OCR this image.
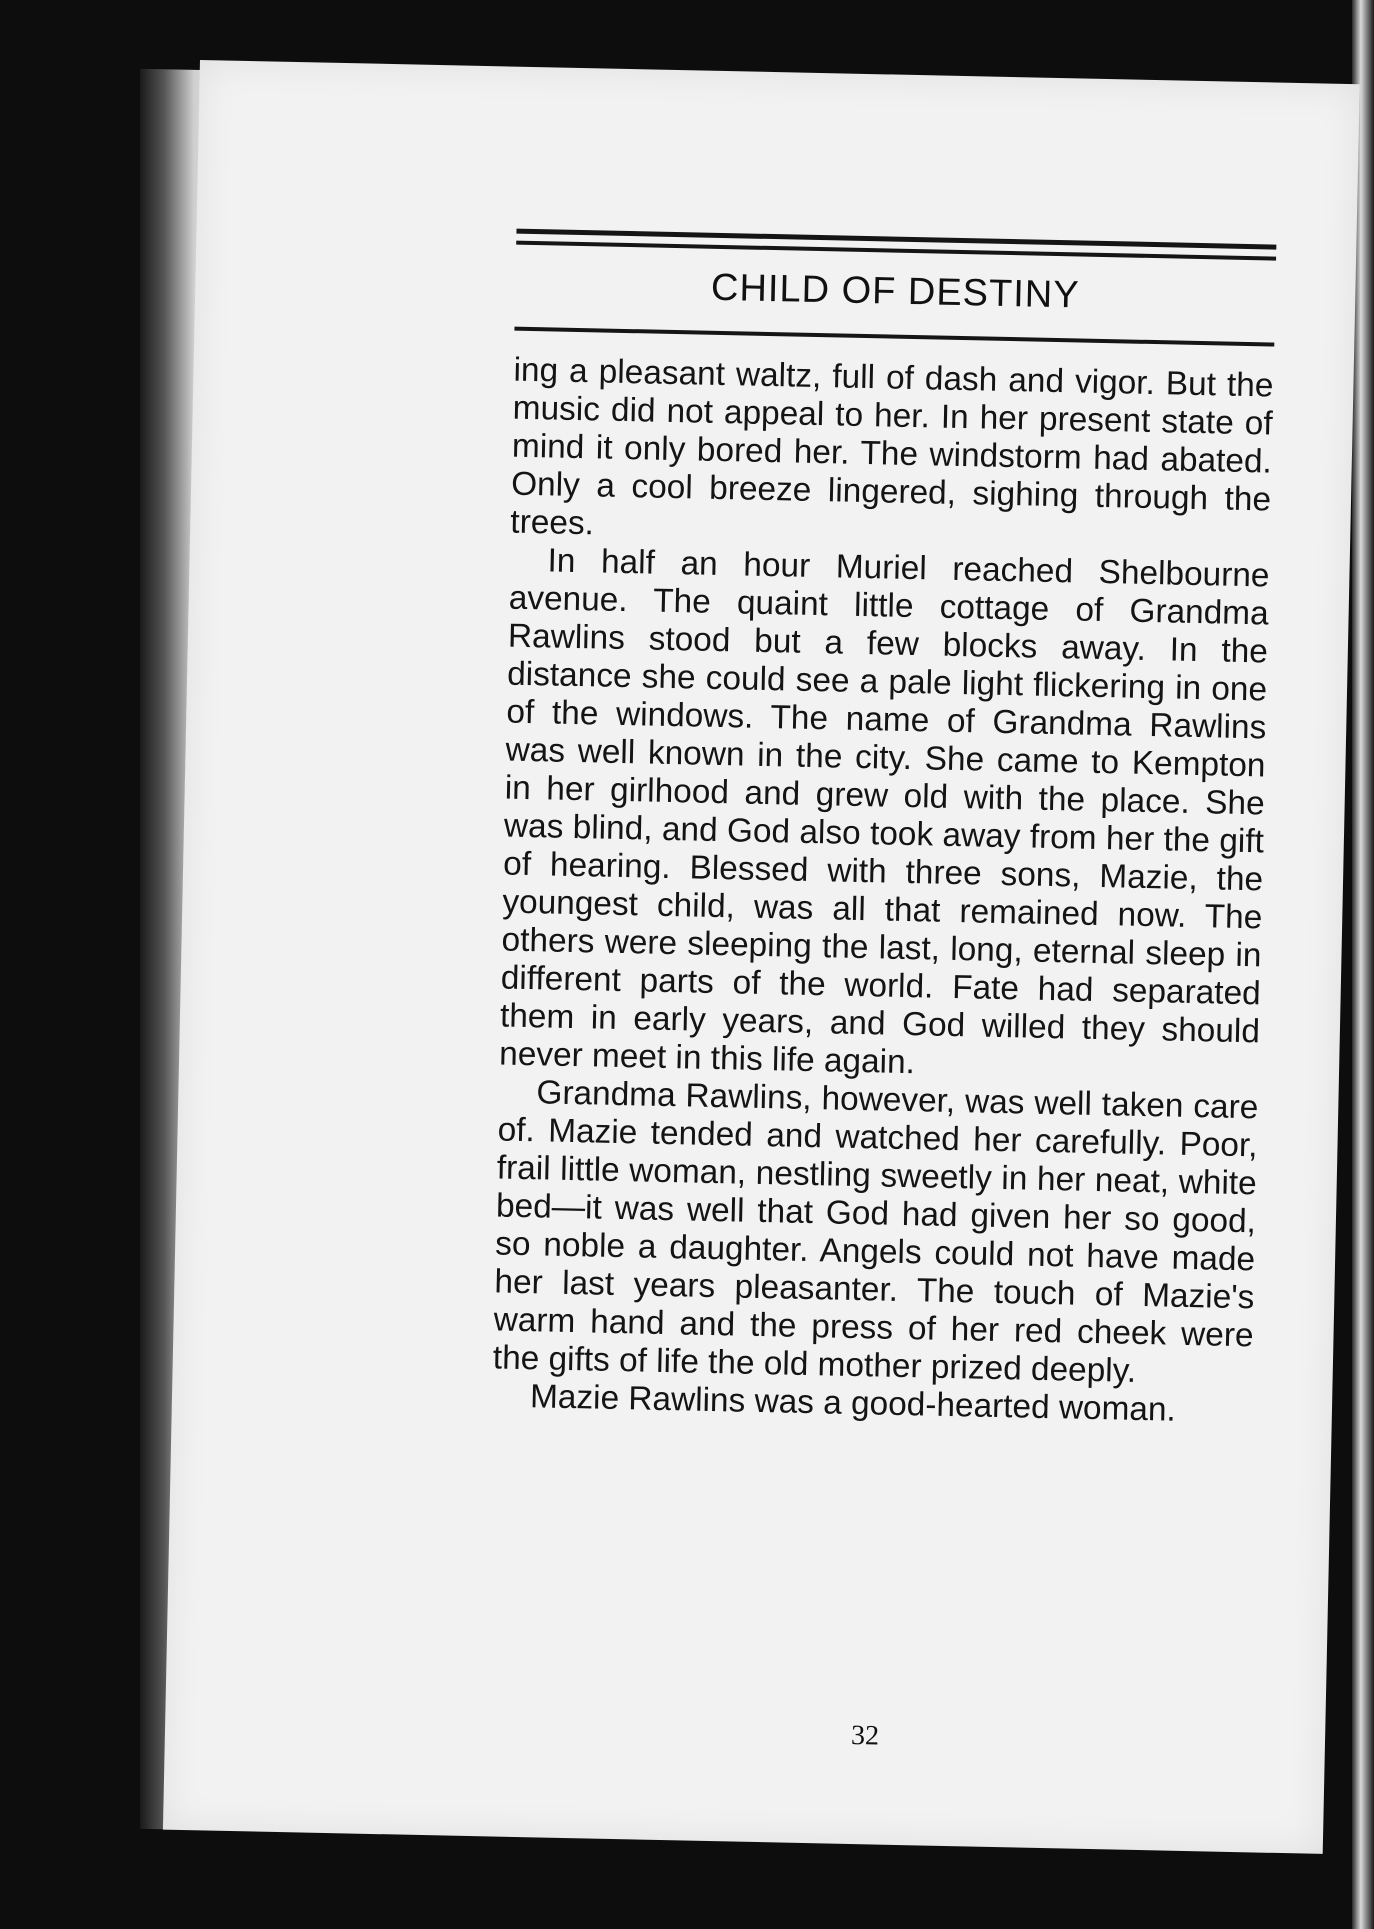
CHILD OF DESTINY

ing a pleasant waltz, full of dash and vigor. But the music did not appeal to her. In her present state of mind it only bored her. The windstorm had abated. Only a cool breeze lingered, sighing through the trees.

In half an hour Muriel reached Shelbourne avenue. The quaint little cottage of Grandma Rawlins stood but a few blocks away. In the distance she could see a pale light flickering in one of the windows. The name of Grandma Rawlins was well known in the city. She came to Kempton in her girlhood and grew old with the place. She was blind, and God also took away from her the gift of hearing. Blessed with three sons, Mazie, the youngest child, was all that remained now. The others were sleeping the last, long, eternal sleep in different parts of the world. Fate had separated them in early years, and God willed they should never meet in this life again.

Grandma Rawlins, however, was well taken care of. Mazie tended and watched her carefully. Poor, frail little woman, nestling sweetly in her neat, white bed—it was well that God had given her so good, so noble a daughter. Angels could not have made her last years pleasanter. The touch of Mazie's warm hand and the press of her red cheek were the gifts of life the old mother prized deeply.

Mazie Rawlins was a good-hearted woman.

32
